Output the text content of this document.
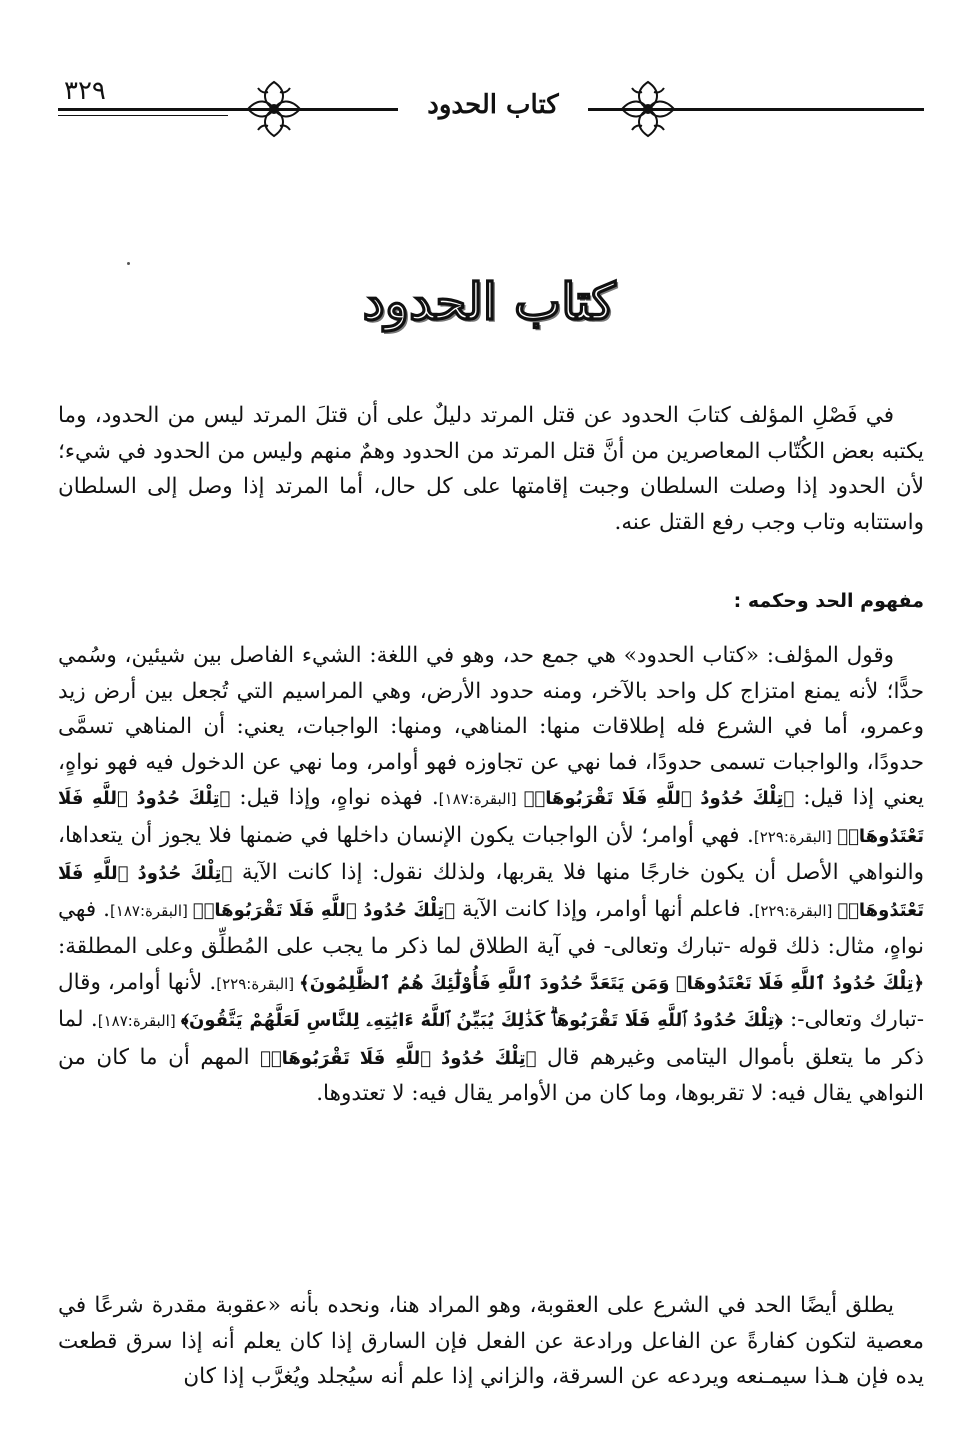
٣٢٩	كتاب الحدود
كتاب الحدود

في فَصْلِ المؤلف كتابَ الحدود عن قتل المرتد دليلٌ على أن قتلَ المرتد ليس من الحدود، وما يكتبه بعض الكُتّاب المعاصرين من أنَّ قتل المرتد من الحدود وهمٌ منهم وليس من الحدود في شيء؛ لأن الحدود إذا وصلت السلطان وجبت إقامتها على كل حال، أما المرتد إذا وصل إلى السلطان واستتابه وتاب وجب رفع القتل عنه.

مفهوم الحد وحكمه :

وقول المؤلف: «كتاب الحدود» هي جمع حد، وهو في اللغة: الشيء الفاصل بين شيئين، وسُمي حدًّا؛ لأنه يمنع امتزاج كل واحد بالآخر، ومنه حدود الأرض، وهي المراسيم التي تُجعل بين أرض زيد وعمرو، أما في الشرع فله إطلاقات منها: المناهي، ومنها: الواجبات، يعني: أن المناهي تسمَّى حدودًا، والواجبات تسمى حدودًا، فما نهي عن تجاوزه فهو أوامر، وما نهي عن الدخول فيه فهو نواهٍ، يعني إذا قيل: ﴿تِلْكَ حُدُودُ ٱللَّهِ فَلَا تَقْرَبُوهَاۗ﴾ [البقرة:١٨٧]. فهذه نواهٍ، وإذا قيل: ﴿تِلْكَ حُدُودُ ٱللَّهِ فَلَا تَعْتَدُوهَاۚ﴾ [البقرة:٢٢٩]. فهي أوامر؛ لأن الواجبات يكون الإنسان داخلها في ضمنها فلا يجوز أن يتعداها، والنواهي الأصل أن يكون خارجًا منها فلا يقربها، ولذلك نقول: إذا كانت الآية ﴿تِلْكَ حُدُودُ ٱللَّهِ فَلَا تَعْتَدُوهَاۚ﴾ [البقرة:٢٢٩]. فاعلم أنها أوامر، وإذا كانت الآية ﴿تِلْكَ حُدُودُ ٱللَّهِ فَلَا تَقْرَبُوهَاۗ﴾ [البقرة:١٨٧]. فهي نواهٍ، مثال: ذلك قوله -تبارك وتعالى- في آية الطلاق لما ذكر ما يجب على المُطلِّق وعلى المطلقة: ﴿تِلْكَ حُدُودُ ٱللَّهِ فَلَا تَعْتَدُوهَاۚ وَمَن يَتَعَدَّ حُدُودَ ٱللَّهِ فَأُوْلَٰٓئِكَ هُمُ ٱلظَّٰلِمُونَ﴾ [البقرة:٢٢٩]. لأنها أوامر، وقال -تبارك وتعالى-: ﴿تِلْكَ حُدُودُ ٱللَّهِ فَلَا تَقْرَبُوهَاۗ كَذَٰلِكَ يُبَيِّنُ ٱللَّهُ ءَايَٰتِهِۦ لِلنَّاسِ لَعَلَّهُمْ يَتَّقُونَ﴾ [البقرة:١٨٧]. لما ذكر ما يتعلق بأموال اليتامى وغيرهم قال ﴿تِلْكَ حُدُودُ ٱللَّهِ فَلَا تَقْرَبُوهَاۗ﴾ المهم أن ما كان من النواهي يقال فيه: لا تقربوها، وما كان من الأوامر يقال فيه: لا تعتدوها.

يطلق أيضًا الحد في الشرع على العقوبة، وهو المراد هنا، ونحده بأنه «عقوبة مقدرة شرعًا في معصية لتكون كفارةً عن الفاعل ورادعة عن الفعل فإن السارق إذا كان يعلم أنه إذا سرق قطعت يده فإن هـذا سيمـنعه ويردعه عن السرقة، والزاني إذا علم أنه سيُجلد ويُغرَّب إذا كان
